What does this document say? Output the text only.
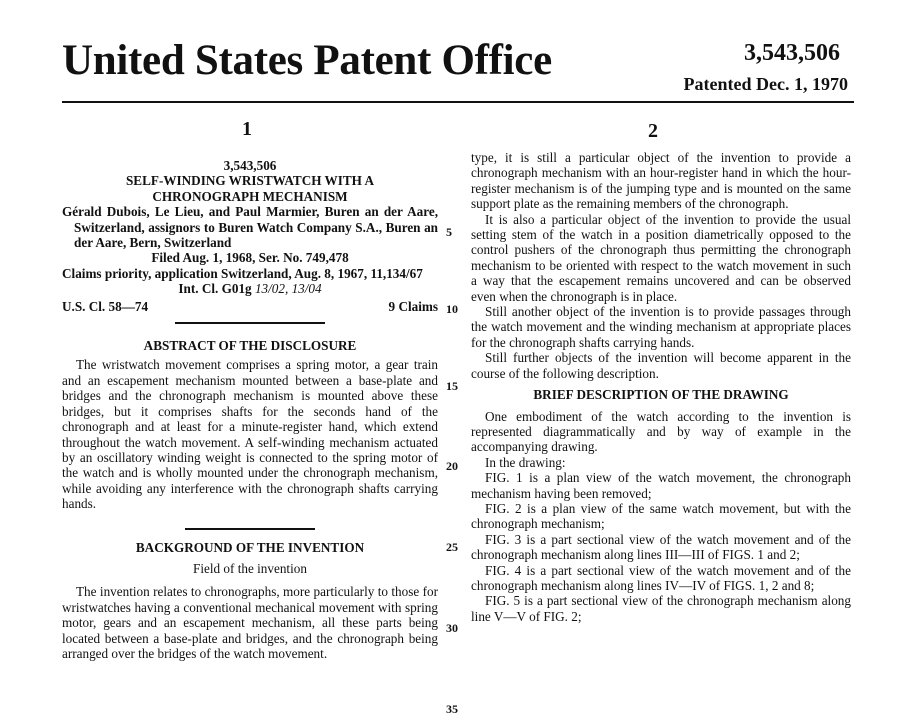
United States Patent Office	3,543,506
Patented Dec. 1, 1970
1	2
3,543,506
SELF-WINDING WRISTWATCH WITH A
CHRONOGRAPH MECHANISM

Gérald Dubois, Le Lieu, and Paul Marmier, Buren an der Aare, Switzerland, assignors to Buren Watch Company S.A., Buren an der Aare, Bern, Switzerland

Filed Aug. 1, 1968, Ser. No. 749,478

Claims priority, application Switzerland, Aug. 8, 1967, 11,134/67

Int. Cl. G01g 13/02, 13/04
U.S. Cl. 58—74	9 Claims
ABSTRACT OF THE DISCLOSURE

The wristwatch movement comprises a spring motor, a gear train and an escapement mechanism mounted between a base-plate and bridges and the chronograph mechanism is mounted above these bridges, but it comprises shafts for the seconds hand of the chronograph and at least for a minute-register hand, which extend throughout the watch movement. A self-winding mechanism actuated by an oscillatory winding weight is connected to the spring motor of the watch and is wholly mounted under the chronograph mechanism, while avoiding any interference with the chronograph shafts carrying hands.

BACKGROUND OF THE INVENTION
Field of the invention

The invention relates to chronographs, more particularly to those for wristwatches having a conventional mechanical movement with spring motor, gears and an escapement mechanism, all these parts being located between a base-plate and bridges, and the chronograph being arranged over the bridges of the watch movement.

5
10
15
20
25
30
35

type, it is still a particular object of the invention to provide a chronograph mechanism with an hour-register hand in which the hour-register mechanism is of the jumping type and is mounted on the same support plate as the remaining members of the chronograph.

It is also a particular object of the invention to provide the usual setting stem of the watch in a position diametrically opposed to the control pushers of the chronograph thus permitting the chronograph mechanism to be oriented with respect to the watch movement in such a way that the escapement remains uncovered and can be observed even when the chronograph is in place.

Still another object of the invention is to provide passages through the watch movement and the winding mechanism at appropriate places for the chronograph shafts carrying hands.

Still further objects of the invention will become apparent in the course of the following description.

BRIEF DESCRIPTION OF THE DRAWING

One embodiment of the watch according to the invention is represented diagrammatically and by way of example in the accompanying drawing.

In the drawing:

FIG. 1 is a plan view of the watch movement, the chronograph mechanism having been removed;

FIG. 2 is a plan view of the same watch movement, but with the chronograph mechanism;

FIG. 3 is a part sectional view of the watch movement and of the chronograph mechanism along lines III—III of FIGS. 1 and 2;

FIG. 4 is a part sectional view of the watch movement and of the chronograph mechanism along lines IV—IV of FIGS. 1, 2 and 8;

FIG. 5 is a part sectional view of the chronograph mechanism along line V—V of FIG. 2;
